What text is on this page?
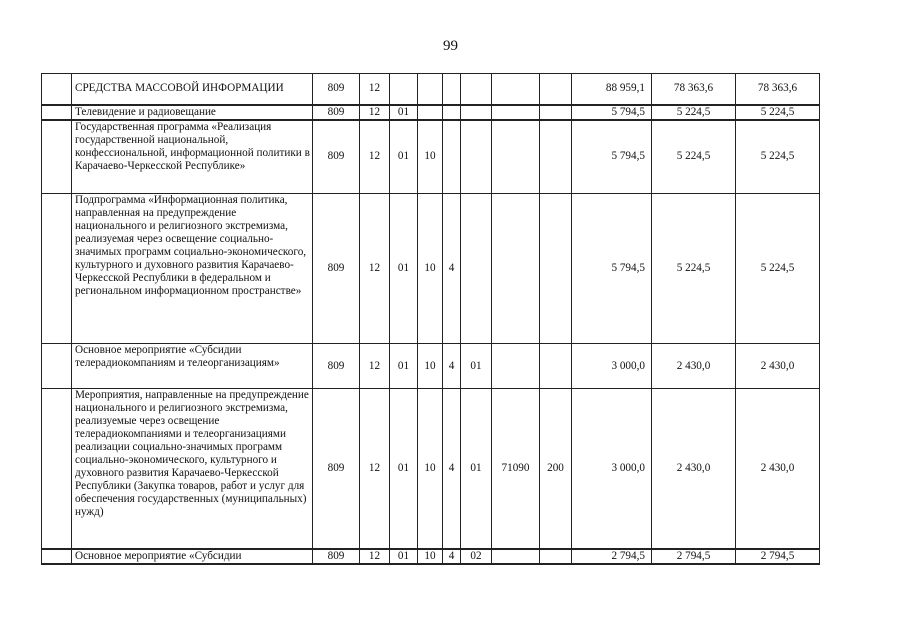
99
	СРЕДСТВА МАССОВОЙ ИНФОРМАЦИИ	809	12							88 959,1	78 363,6	78 363,6
	Телевидение и радиовещание	809	12	01						5 794,5	5 224,5	5 224,5
	Государственная программа «Реализация государственной национальной, конфессиональной, информационной политики в Карачаево-Черкесской Республике»	809	12	01	10					5 794,5	5 224,5	5 224,5
	Подпрограмма «Информационная политика, направленная на предупреждение национального и религиозного экстремизма, реализуемая через освещение социально-значимых программ социально-экономического, культурного и духовного развития Карачаево-Черкесской Республики в федеральном и региональном информационном пространстве»	809	12	01	10	4				5 794,5	5 224,5	5 224,5
	Основное мероприятие «Субсидии телерадиокомпаниям и телеорганизациям»	809	12	01	10	4	01			3 000,0	2 430,0	2 430,0
	Мероприятия, направленные на предупреждение национального и религиозного экстремизма, реализуемые через освещение телерадиокомпаниями и телеорганизациями реализации социально-значимых программ социально-экономического, культурного и духовного развития Карачаево-Черкесской Республики (Закупка товаров, работ и услуг для обеспечения государственных (муниципальных) нужд)	809	12	01	10	4	01	71090	200	3 000,0	2 430,0	2 430,0
	Основное мероприятие «Субсидии	809	12	01	10	4	02			2 794,5	2 794,5	2 794,5
